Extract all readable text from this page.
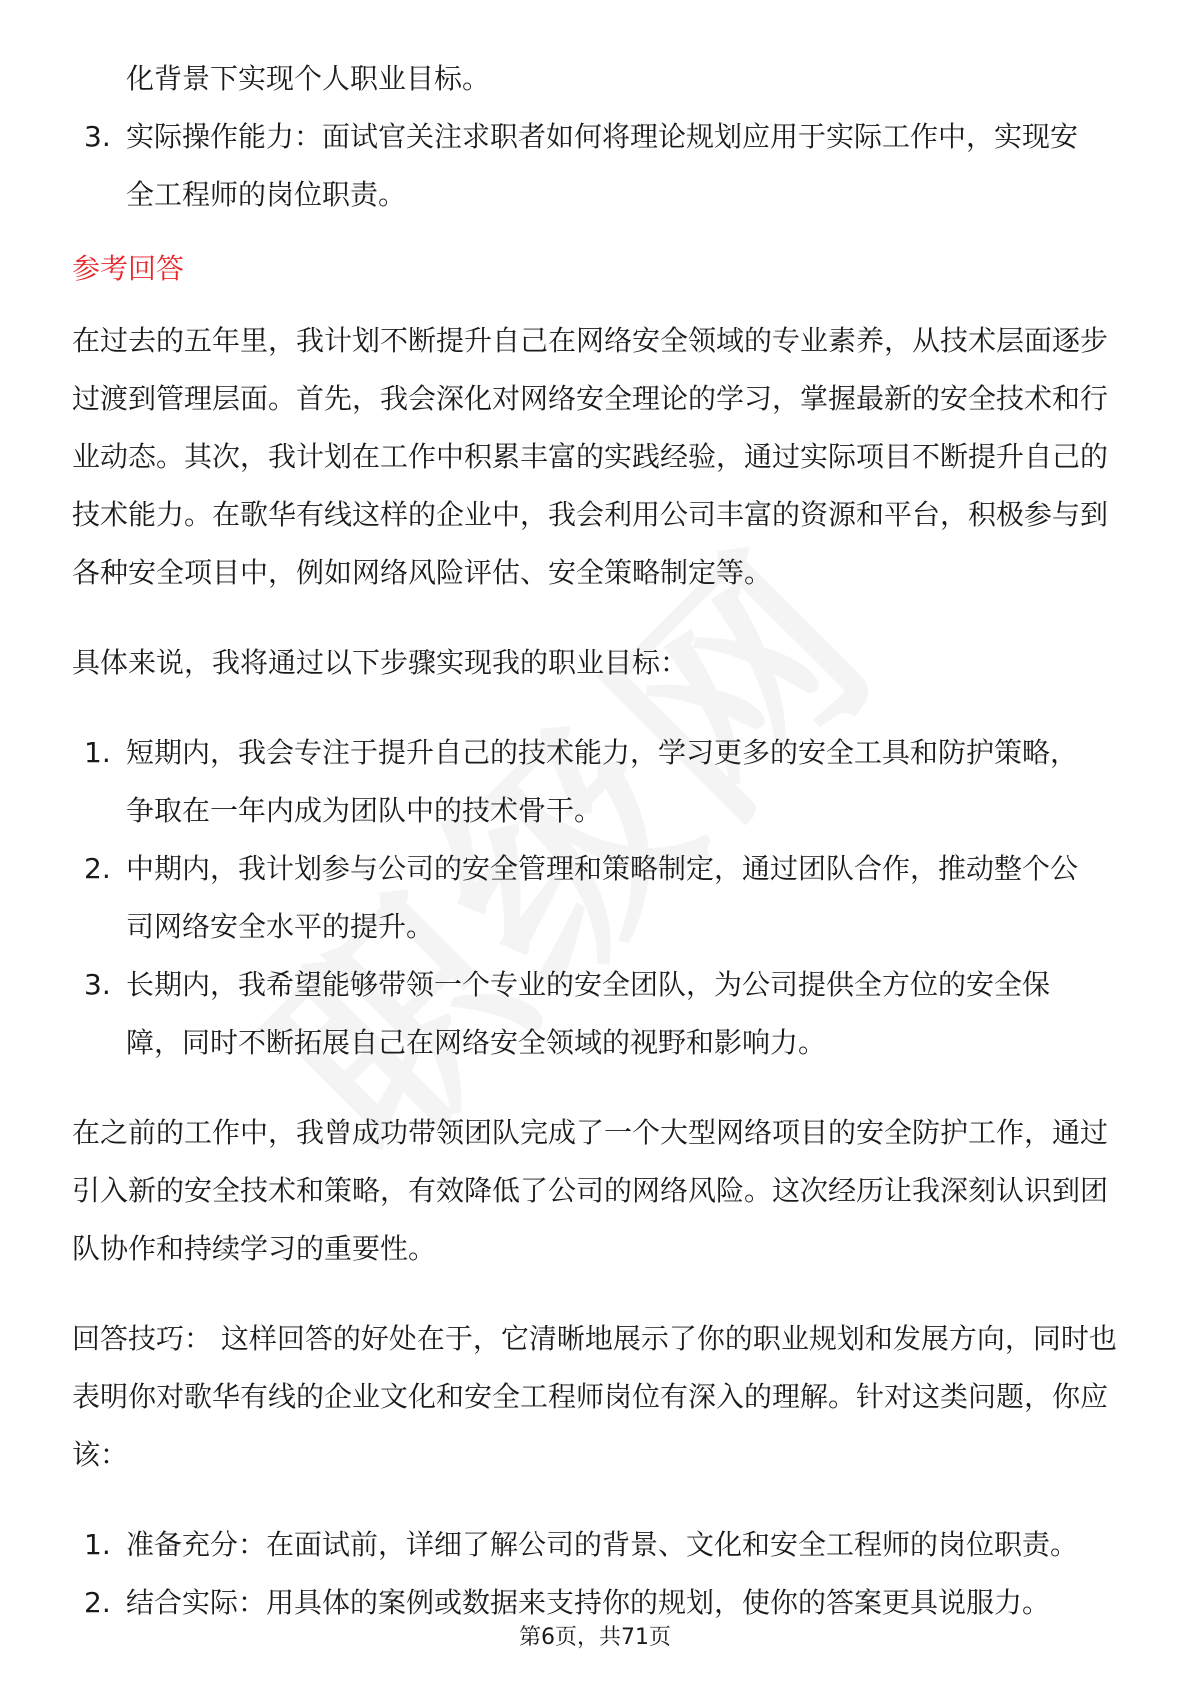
化背景下实现个人职业目标。
3. 实际操作能力：面试官关注求职者如何将理论规划应用于实际工作中，实现安
全工程师的岗位职责。
参考回答

在过去的五年里，我计划不断提升自己在网络安全领域的专业素养，从技术层面逐步过渡到管理层面。首先，我会深化对网络安全理论的学习，掌握最新的安全技术和行业动态。其次，我计划在工作中积累丰富的实践经验，通过实际项目不断提升自己的技术能力。在歌华有线这样的企业中，我会利用公司丰富的资源和平台，积极参与到各种安全项目中，例如网络风险评估、安全策略制定等。

具体来说，我将通过以下步骤实现我的职业目标：

1. 短期内，我会专注于提升自己的技术能力，学习更多的安全工具和防护策略，
争取在一年内成为团队中的技术骨干。
2. 中期内，我计划参与公司的安全管理和策略制定，通过团队合作，推动整个公
司网络安全水平的提升。
3. 长期内，我希望能够带领一个专业的安全团队，为公司提供全方位的安全保
障，同时不断拓展自己在网络安全领域的视野和影响力。

在之前的工作中，我曾成功带领团队完成了一个大型网络项目的安全防护工作，通过引入新的安全技术和策略，有效降低了公司的网络风险。这次经历让我深刻认识到团队协作和持续学习的重要性。

回答技巧： 这样回答的好处在于，它清晰地展示了你的职业规划和发展方向，同时也表明你对歌华有线的企业文化和安全工程师岗位有深入的理解。针对这类问题，你应该：

1. 准备充分：在面试前，详细了解公司的背景、文化和安全工程师的岗位职责。
2. 结合实际：用具体的案例或数据来支持你的规划，使你的答案更具说服力。
第6页，共71页
